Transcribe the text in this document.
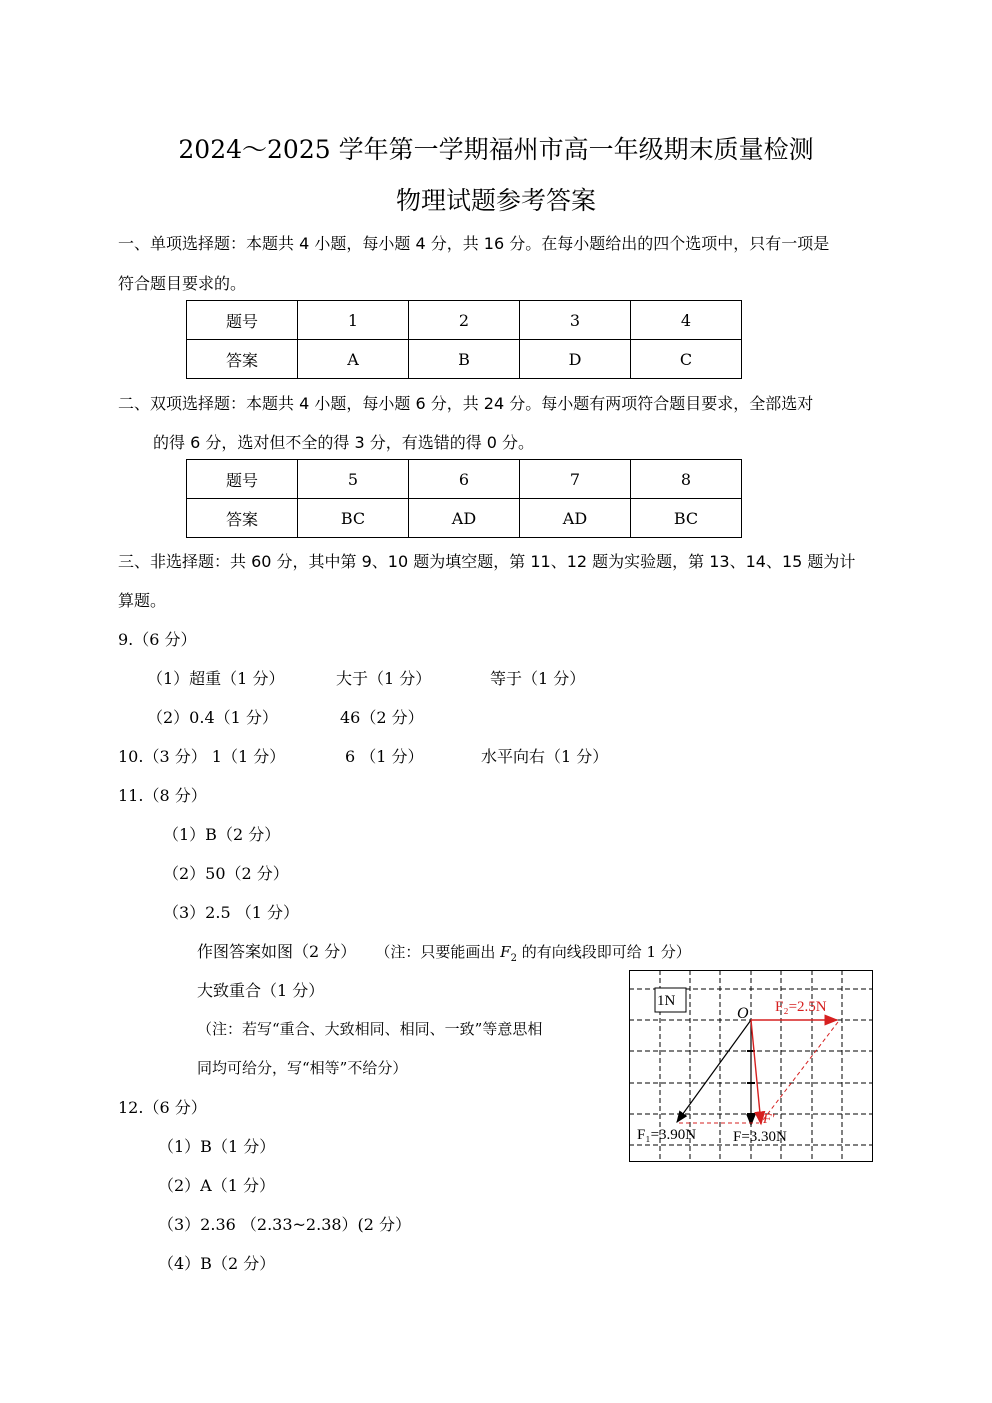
2024～2025 学年第一学期福州市高一年级期末质量检测
物理试题参考答案
一、单项选择题：本题共 4 小题，每小题 4 分，共 16 分。在每小题给出的四个选项中，只有一项是
符合题目要求的。
题号	1	2	3	4
答案	A	B	D	C
二、双项选择题：本题共 4 小题，每小题 6 分，共 24 分。每小题有两项符合题目要求，全部选对
的得 6 分，选对但不全的得 3 分，有选错的得 0 分。
题号	5	6	7	8
答案	BC	AD	AD	BC
三、非选择题：共 60 分，其中第 9、10 题为填空题，第 11、12 题为实验题，第 13、14、15 题为计
算题。
9.（6 分）
（1）超重（1 分）	大于（1 分）	等于（1 分）
（2）0.4（1 分）	46（2 分）
10.（3 分） 1（1 分）	6 （1 分）	水平向右（1 分）
11.（8 分）
（1）B（2 分）
（2）50（2 分）
（3）2.5 （1 分）
作图答案如图（2 分） （注：只要能画出 $F_2$ 的有向线段即可给 1 分）
大致重合（1 分）
（注：若写“重合、大致相同、相同、一致”等意思相
同均可给分，写“相等”不给分）
12.（6 分）
（1）B（1 分）
（2）A（1 分）
（3）2.36 （2.33~2.38）(2 分）
（4）B（2 分）
1N
O F₂=2.5N
F′
F₁=3.90N F=3.30N
